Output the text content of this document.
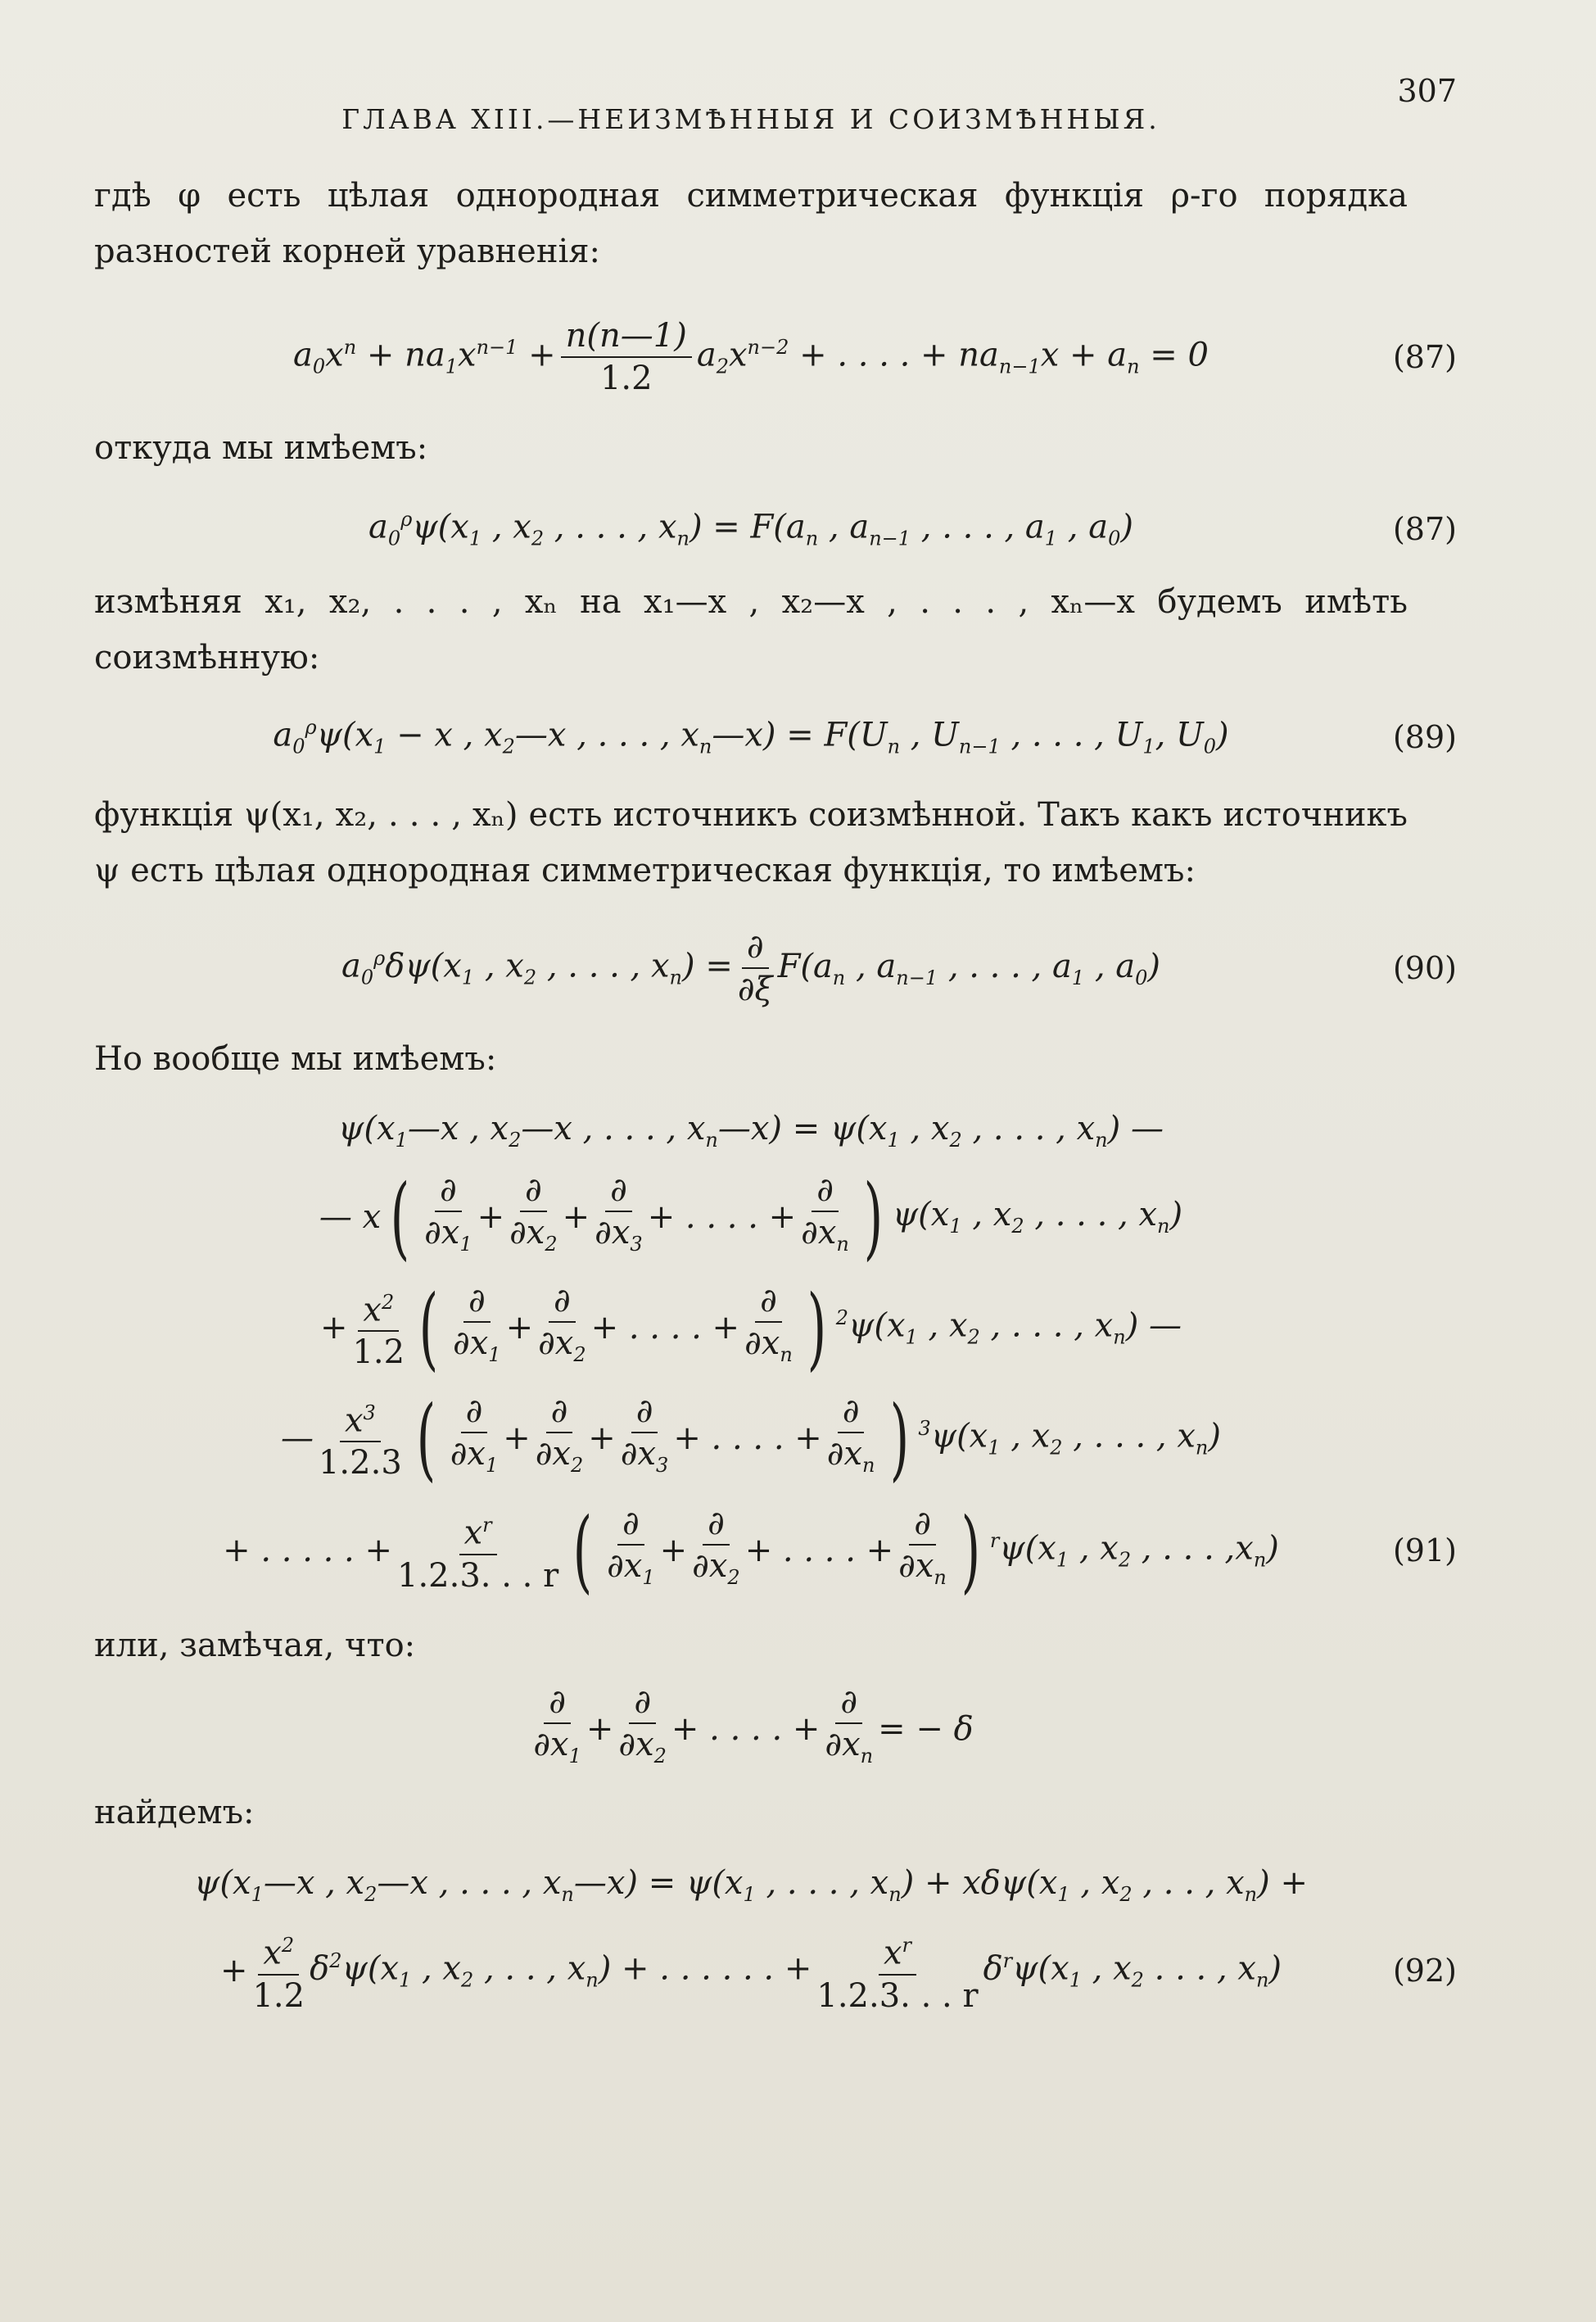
ГЛАВА XIII.—НЕИЗМѢННЫЯ И СОИЗМѢННЫЯ.
307

гдѣ φ есть цѣлая однородная симметрическая функція ρ-го порядка разностей корней уравненія:

$a_0x^n + na_1x^{n-1} + \frac{n(n—1)}{1.2} a_2x^{n-2}$ + . . . . + $na_{n-1}x + a_n = 0$	(87)

откуда мы имѣемъ:

$a_0^\rho\psi(x_1$ , $x_2$ , . . . , $x_n) = F(a_n$ , $a_{n-1}$ , . . . , $a_1$ , $a_0$)	(87)

измѣняя x₁, x₂, . . . , xₙ на x₁—x , x₂—x , . . . , xₙ—x будемъ имѣть соизмѣнную:

$a_0^\rho\psi(x_1 - x$ , $x_2—x$ , . . . , $x_n—x) = F(U_n$ , $U_{n-1}$ , . . . , $U_1$, $U_0$)	(89)

функція ψ(x₁, x₂, . . . , xₙ) есть источникъ соизмѣнной. Такъ какъ источникъ ψ есть цѣлая однородная симметрическая функція, то имѣемъ:

$a_0^\rho\delta\psi(x_1$ , $x_2$ , . . . , $x_n) = \frac{\partial}{\partial\xi} F(a_n$ , $a_{n-1}$ , . . . , $a_1$ , $a_0$)	(90)

Но вообще мы имѣемъ:

$\psi(x_1—x$ , $x_2—x$ , . . . , $x_n—x) = \psi(x_1$ , $x_2$ , . . . , $x_n$) —
— x ( $\frac{\partial}{\partial x_1} + \frac{\partial}{\partial x_2} + \frac{\partial}{\partial x_3}$ + . . . . + $\frac{\partial}{\partial x_n}$ ) $\psi(x_1$ , $x_2$ , . . . , $x_n$)
+ $\frac{x^2}{1.2}$ ( $\frac{\partial}{\partial x_1} + \frac{\partial}{\partial x_2}$ + . . . . + $\frac{\partial}{\partial x_n}$ ) $^2\psi(x_1$ , $x_2$ , . . . , $x_n$) —
— $\frac{x^3}{1.2.3}$ ( $\frac{\partial}{\partial x_1} + \frac{\partial}{\partial x_2} + \frac{\partial}{\partial x_3}$ + . . . . + $\frac{\partial}{\partial x_n}$ ) $^3\psi(x_1$ , $x_2$ , . . . , $x_n$)
+ . . . . . + $\frac{x^r}{1.2.3. . . r}$ ( $\frac{\partial}{\partial x_1} + \frac{\partial}{\partial x_2}$ + . . . . + $\frac{\partial}{\partial x_n}$ ) $^r\psi(x_1$ , $x_2$ , . . . $,x_n$)	(91)

или, замѣчая, что:

$\frac{\partial}{\partial x_1} + \frac{\partial}{\partial x_2}$ + . . . . + $\frac{\partial}{\partial x_n}$ = − δ

найдемъ:

$\psi(x_1—x$ , $x_2—x$ , . . . , $x_n—x) = \psi(x_1$ , . . . , $x_n) + x\delta\psi(x_1$ , $x_2$ , . . , $x_n$) +
+ $\frac{x^2}{1.2} \delta^2\psi(x_1$ , $x_2$ , . . , $x_n$) + . . . . . . + $\frac{x^r}{1.2.3. . . r} \delta^r\psi(x_1$ , $x_2$ . . . , $x_n$)	(92)
